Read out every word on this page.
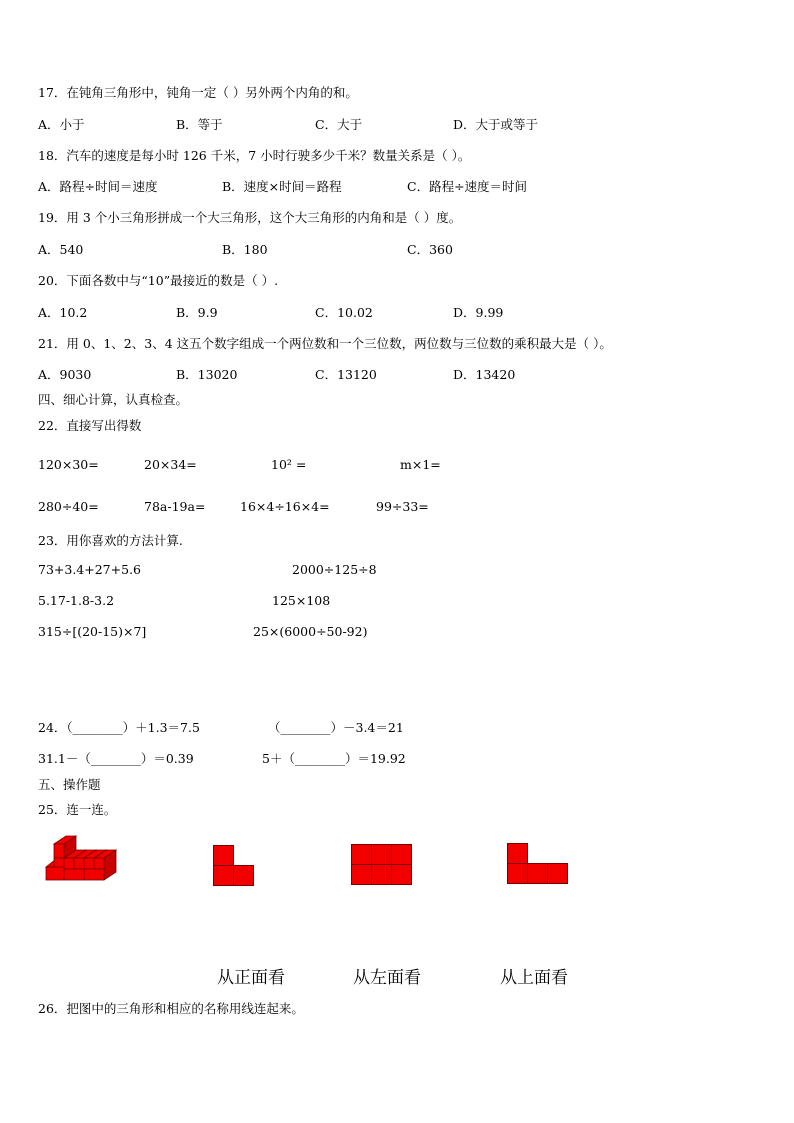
17．在钝角三角形中，钝角一定（ ）另外两个内角的和。
A．小于	B．等于	C．大于	D．大于或等于
18．汽车的速度是每小时 126 千米，7 小时行驶多少千米？数量关系是（ ）。
A．路程÷时间＝速度	B．速度×时间＝路程	C．路程÷速度＝时间
19．用 3 个小三角形拼成一个大三角形，这个大三角形的内角和是（ ）度。
A．540	B．180	C．360
20．下面各数中与“10”最接近的数是（ ）.
A．10.2	B．9.9	C．10.02	D．9.99
21．用 0、1、2、3、4 这五个数字组成一个两位数和一个三位数，两位数与三位数的乘积最大是（ ）。
A．9030	B．13020	C．13120	D．13420
四、细心计算，认真检查。
22．直接写出得数
120×30=	20×34=	10² =	m×1=
280÷40=	78a-19a=	16×4÷16×4=	99÷33=
23．用你喜欢的方法计算.
73+3.4+27+5.6	2000÷125÷8
5.17-1.8-3.2	125×108
315÷[(20-15)×7]	25×(6000÷50-92)
24．（________）＋1.3＝7.5	（________）－3.4＝21
31.1－（________）＝0.39	5＋（________）＝19.92
五、操作题
25．连一连。
从正面看	从左面看	从上面看
26．把图中的三角形和相应的名称用线连起来。
